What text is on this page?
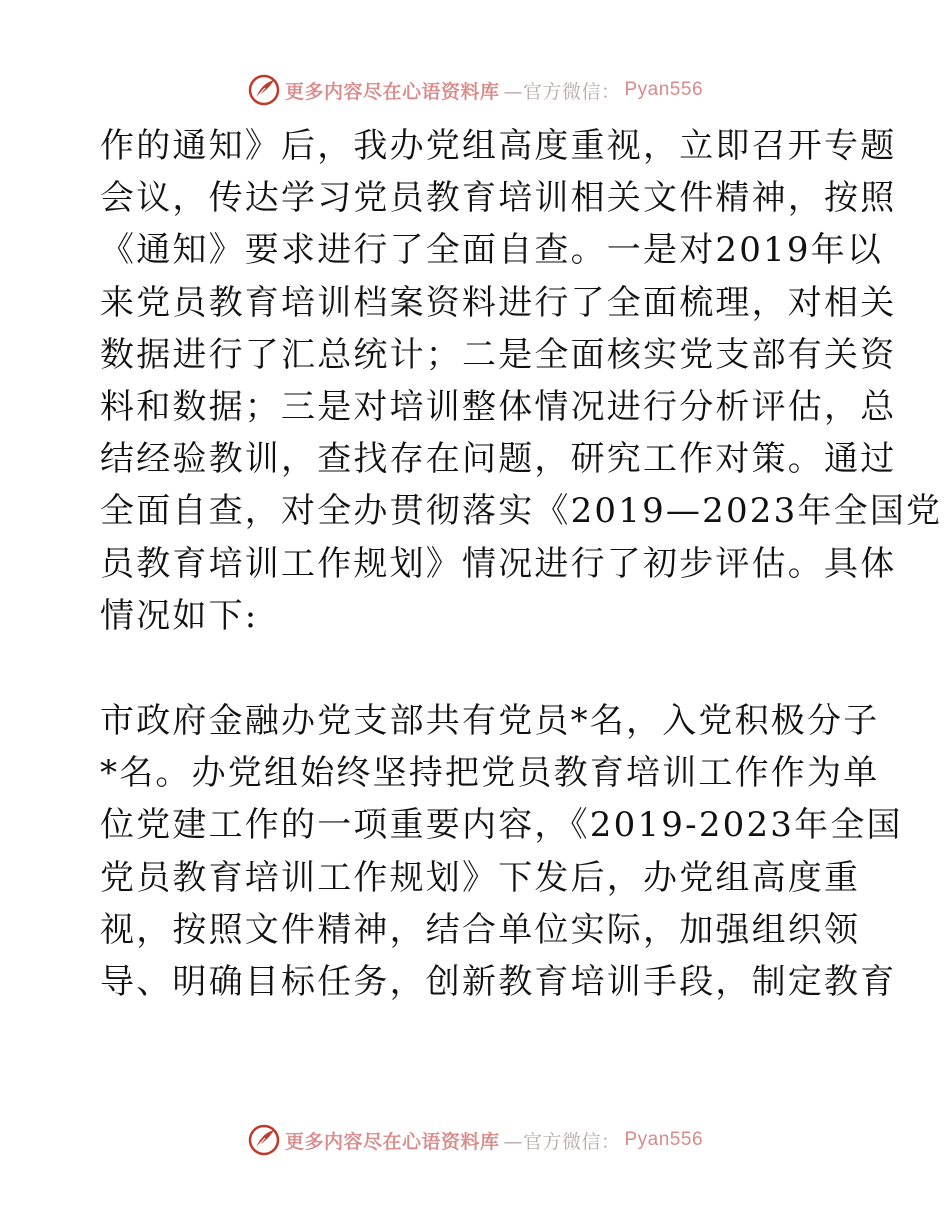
更多内容尽在心语资料库 —官方微信： Pyan556
作的通知》后，我办党组高度重视，立即召开专题
会议，传达学习党员教育培训相关文件精神，按照
《通知》要求进行了全面自查。一是对2019年以
来党员教育培训档案资料进行了全面梳理，对相关
数据进行了汇总统计；二是全面核实党支部有关资
料和数据；三是对培训整体情况进行分析评估，总
结经验教训，查找存在问题，研究工作对策。通过
全面自查，对全办贯彻落实《2019—2023年全国党
员教育培训工作规划》情况进行了初步评估。具体
情况如下:
市政府金融办党支部共有党员*名，入党积极分子
*名。办党组始终坚持把党员教育培训工作作为单
位党建工作的一项重要内容，《2019-2023年全国
党员教育培训工作规划》下发后，办党组高度重
视，按照文件精神，结合单位实际，加强组织领
导、明确目标任务，创新教育培训手段，制定教育
更多内容尽在心语资料库 —官方微信： Pyan556
